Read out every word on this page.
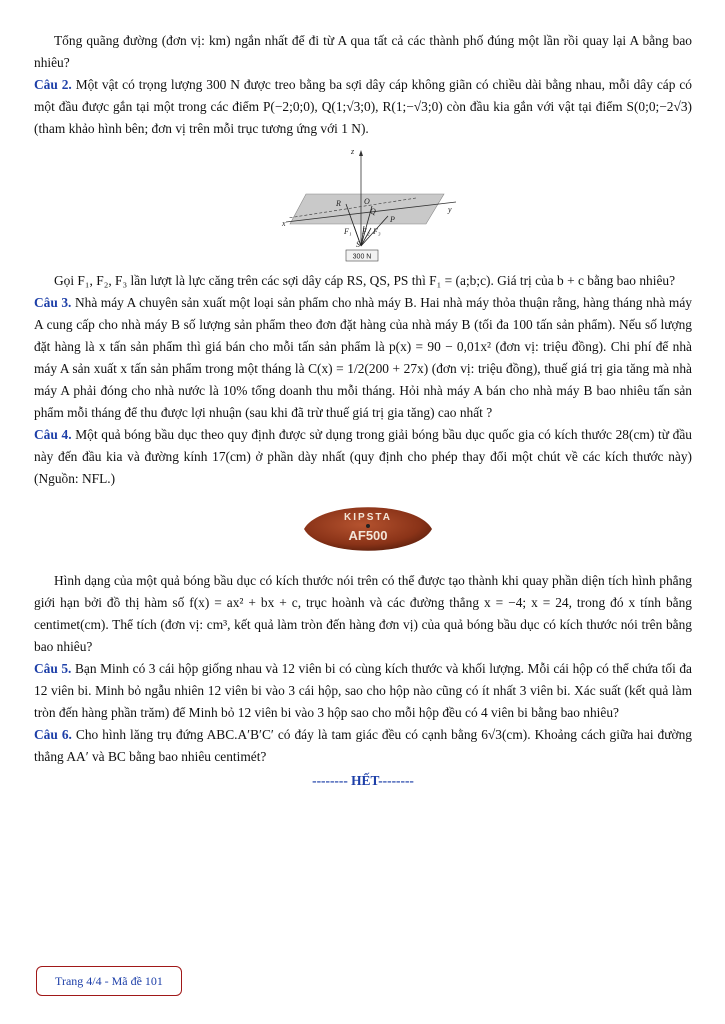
Tổng quãng đường (đơn vị: km) ngắn nhất để đi từ A qua tất cả các thành phố đúng một lần rồi quay lại A bằng bao nhiêu?

Câu 2. Một vật có trọng lượng 300 N được treo bằng ba sợi dây cáp không giãn có chiều dài bằng nhau, mỗi dây cáp có một đầu được gắn tại một trong các điểm P(−2;0;0), Q(1;√3;0), R(1;−√3;0) còn đầu kia gắn với vật tại điểm S(0;0;−2√3) (tham khảo hình bên; đơn vị trên mỗi trục tương ứng với 1 N).

z
x
y
O
R
Q
P
S
F₁ F₂ F₃
300 N

Gọi F₁, F₂, F₃ lần lượt là lực căng trên các sợi dây cáp RS, QS, PS thì F₁ = (a;b;c). Giá trị của b + c bằng bao nhiêu?

Câu 3. Nhà máy A chuyên sản xuất một loại sản phẩm cho nhà máy B. Hai nhà máy thỏa thuận rằng, hàng tháng nhà máy A cung cấp cho nhà máy B số lượng sản phẩm theo đơn đặt hàng của nhà máy B (tối đa 100 tấn sản phẩm). Nếu số lượng đặt hàng là x tấn sản phẩm thì giá bán cho mỗi tấn sản phẩm là p(x) = 90 − 0,01x² (đơn vị: triệu đồng). Chi phí để nhà máy A sản xuất x tấn sản phẩm trong một tháng là C(x) = 1/2(200 + 27x) (đơn vị: triệu đồng), thuế giá trị gia tăng mà nhà máy A phải đóng cho nhà nước là 10% tổng doanh thu mỗi tháng. Hỏi nhà máy A bán cho nhà máy B bao nhiêu tấn sản phẩm mỗi tháng để thu được lợi nhuận (sau khi đã trừ thuế giá trị gia tăng) cao nhất ?

Câu 4. Một quả bóng bầu dục theo quy định được sử dụng trong giải bóng bầu dục quốc gia có kích thước 28(cm) từ đầu này đến đầu kia và đường kính 17(cm) ở phần dày nhất (quy định cho phép thay đổi một chút về các kích thước này) (Nguồn: NFL.)

KIPSTA
AF500

Hình dạng của một quả bóng bầu dục có kích thước nói trên có thể được tạo thành khi quay phần diện tích hình phẳng giới hạn bởi đồ thị hàm số f(x) = ax² + bx + c, trục hoành và các đường thẳng x = −4; x = 24, trong đó x tính bằng centimet(cm). Thể tích (đơn vị: cm³, kết quả làm tròn đến hàng đơn vị) của quả bóng bầu dục có kích thước nói trên bằng bao nhiêu?

Câu 5. Bạn Minh có 3 cái hộp giống nhau và 12 viên bi có cùng kích thước và khối lượng. Mỗi cái hộp có thể chứa tối đa 12 viên bi. Minh bỏ ngẫu nhiên 12 viên bi vào 3 cái hộp, sao cho hộp nào cũng có ít nhất 3 viên bi. Xác suất (kết quả làm tròn đến hàng phần trăm) để Minh bỏ 12 viên bi vào 3 hộp sao cho mỗi hộp đều có 4 viên bi bằng bao nhiêu?

Câu 6. Cho hình lăng trụ đứng ABC.A′B′C′ có đáy là tam giác đều có cạnh bằng 6√3(cm). Khoảng cách giữa hai đường thẳng AA′ và BC bằng bao nhiêu centimét?

-------- HẾT--------

Trang 4/4 - Mã đề 101
